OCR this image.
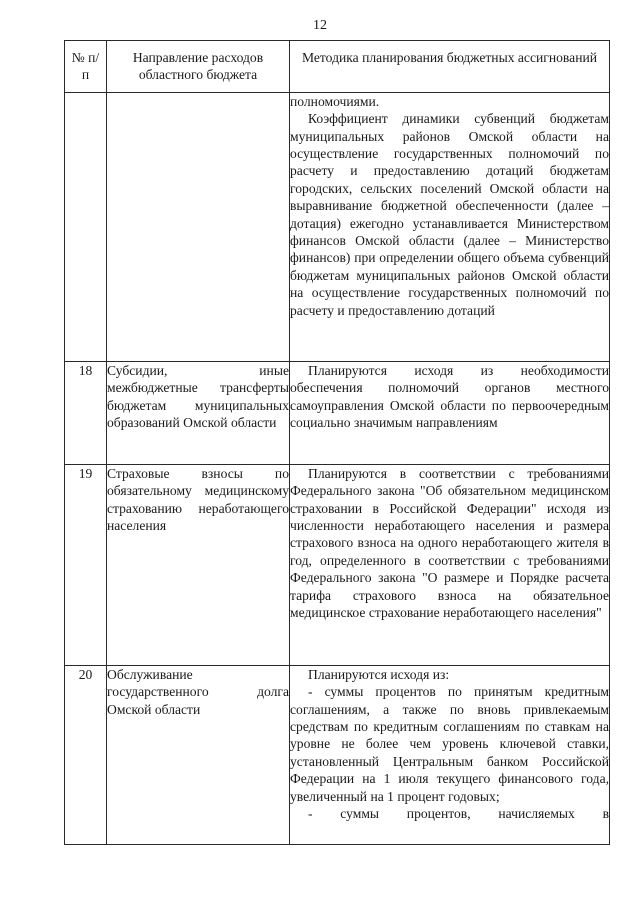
12
№ п/п	Направление расходов областного бюджета	Методика планирования бюджетных ассигнований

		полномочиями.

Коэффициент динамики субвенций бюджетам муниципальных районов Омской области на осуществление государственных полномочий по расчету и предоставлению дотаций бюджетам городских, сельских поселений Омской области на выравнивание бюджетной обеспеченности (далее – дотация) ежегодно устанавливается Министерством финансов Омской области (далее – Министерство финансов) при определении общего объема субвенций бюджетам муниципальных районов Омской области на осуществление государственных полномочий по расчету и предоставлению дотаций

18	Субсидии, иные межбюджетные трансферты бюджетам муниципальных образований Омской области	Планируются исходя из необходимости обеспечения полномочий органов местного самоуправления Омской области по первоочередным социально значимым направлениям

19	Страховые взносы по обязательному медицинскому страхованию неработающего населения	Планируются в соответствии с требованиями Федерального закона "Об обязательном медицинском страховании в Российской Федерации" исходя из численности неработающего населения и размера страхового взноса на одного неработающего жителя в год, определенного в соответствии с требованиями Федерального закона "О размере и Порядке расчета тарифа страхового взноса на обязательное медицинское страхование неработающего населения"

20	Обслуживание государственного долга Омской области	Планируются исходя из:

- суммы процентов по принятым кредитным соглашениям, а также по вновь привлекаемым средствам по кредитным соглашениям по ставкам на уровне не более чем уровень ключевой ставки, установленный Центральным банком Российской Федерации на 1 июля текущего финансового года, увеличенный на 1 процент годовых;

- суммы процентов, начисляемых в
